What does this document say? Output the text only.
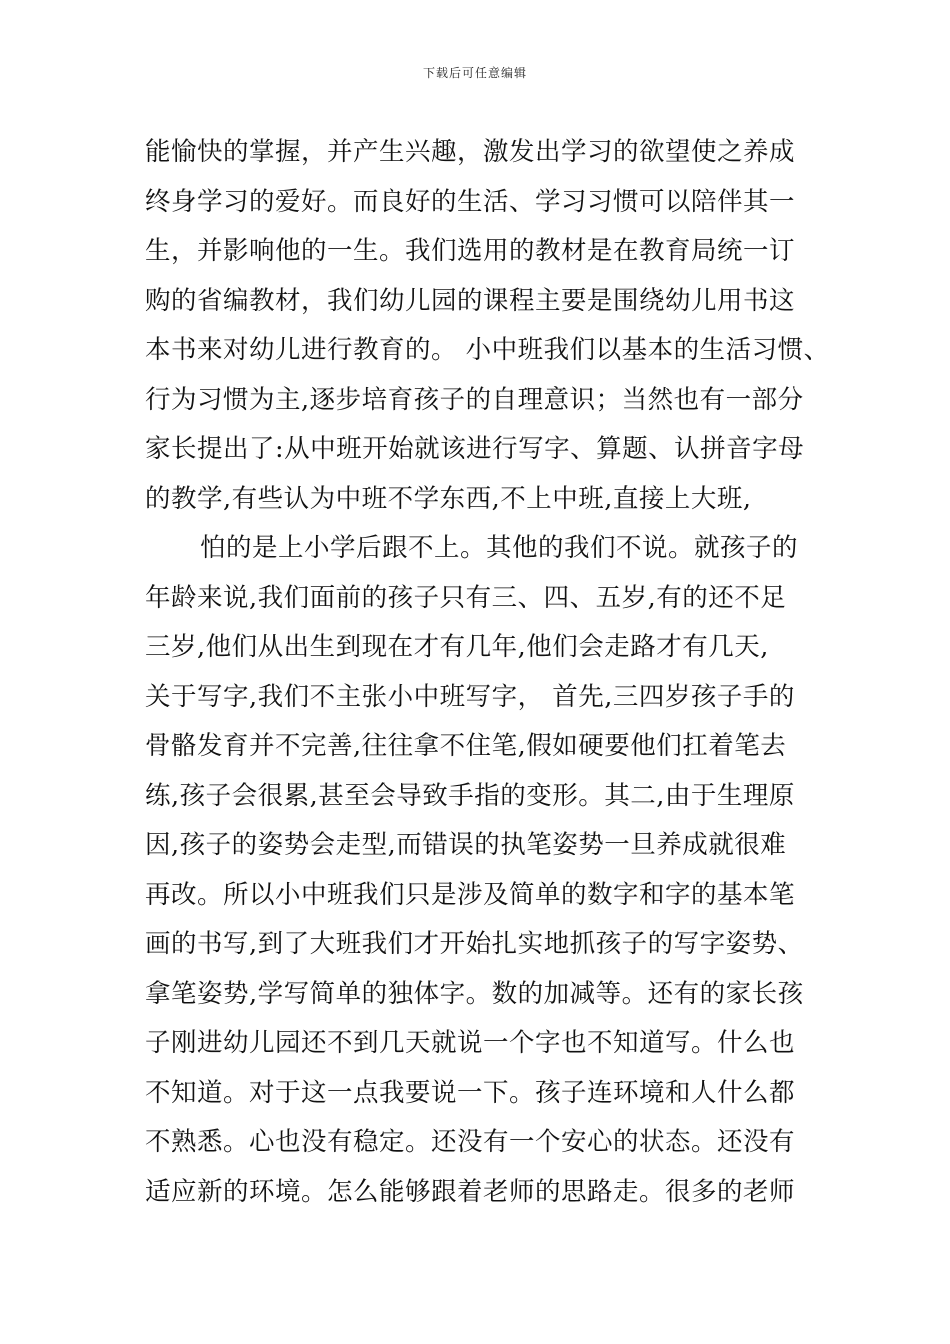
下载后可任意编辑
能愉快的掌握，并产生兴趣，激发出学习的欲望使之养成
终身学习的爱好。而良好的生活、学习习惯可以陪伴其一
生，并影响他的一生。我们选用的教材是在教育局统一订
购的省编教材，我们幼儿园的课程主要是围绕幼儿用书这
本书来对幼儿进行教育的。 小中班我们以基本的生活习惯、
行为习惯为主,逐步培育孩子的自理意识；当然也有一部分
家长提出了:从中班开始就该进行写字、算题、认拼音字母
的教学,有些认为中班不学东西,不上中班,直接上大班,
怕的是上小学后跟不上。其他的我们不说。就孩子的
年龄来说,我们面前的孩子只有三、四、五岁,有的还不足
三岁,他们从出生到现在才有几年,他们会走路才有几天,
关于写字,我们不主张小中班写字， 首先,三四岁孩子手的
骨骼发育并不完善,往往拿不住笔,假如硬要他们扛着笔去
练,孩子会很累,甚至会导致手指的变形。其二,由于生理原
因,孩子的姿势会走型,而错误的执笔姿势一旦养成就很难
再改。所以小中班我们只是涉及简单的数字和字的基本笔
画的书写,到了大班我们才开始扎实地抓孩子的写字姿势、
拿笔姿势,学写简单的独体字。数的加减等。还有的家长孩
子刚进幼儿园还不到几天就说一个字也不知道写。什么也
不知道。对于这一点我要说一下。孩子连环境和人什么都
不熟悉。心也没有稳定。还没有一个安心的状态。还没有
适应新的环境。怎么能够跟着老师的思路走。很多的老师
